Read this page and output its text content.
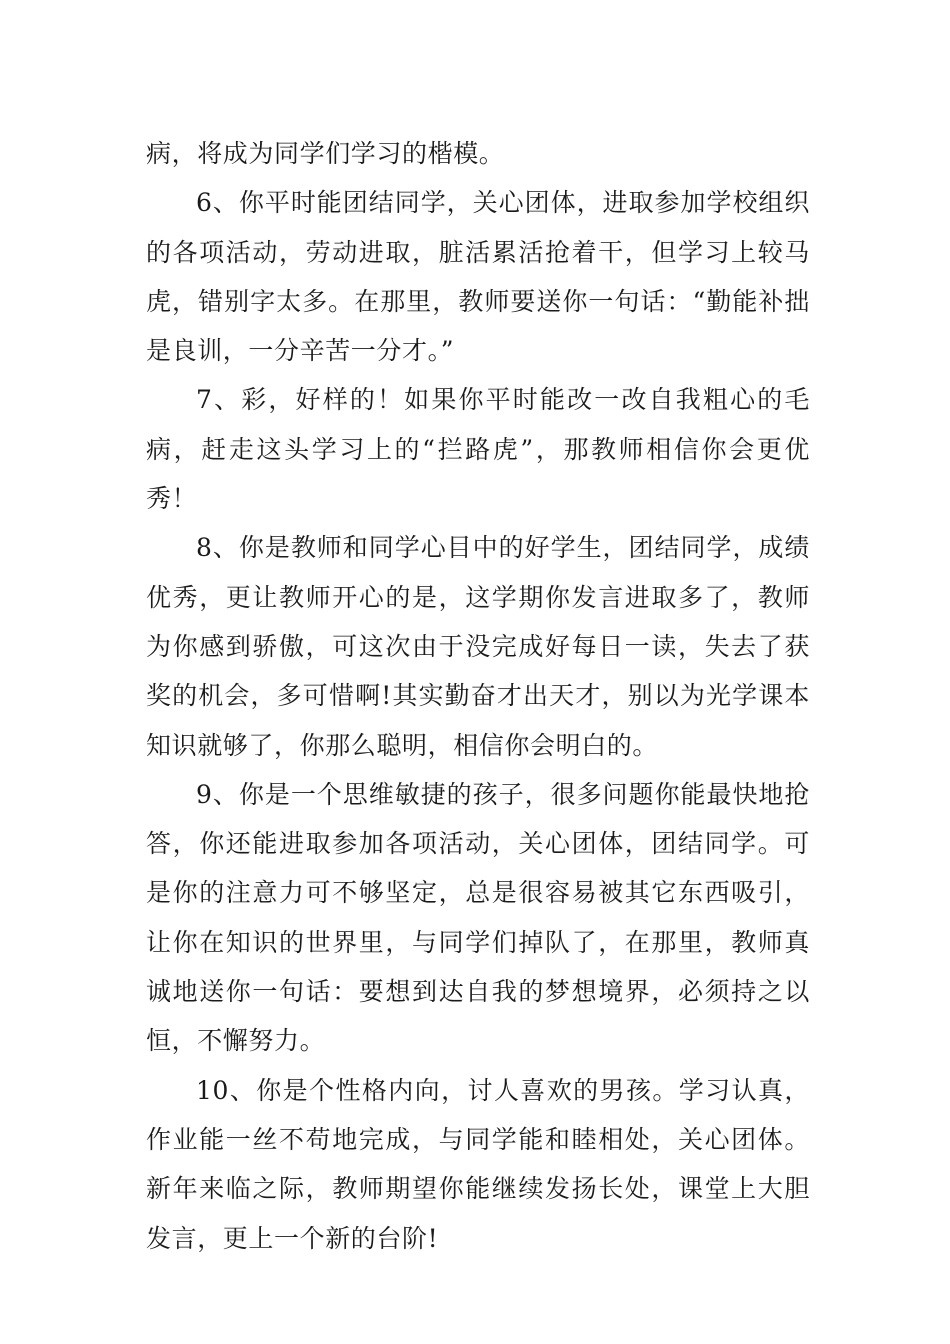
病，将成为同学们学习的楷模。

6、你平时能团结同学，关心团体，进取参加学校组织的各项活动，劳动进取，脏活累活抢着干，但学习上较马虎，错别字太多。在那里，教师要送你一句话：“勤能补拙是良训，一分辛苦一分才。”

7、彩，好样的！如果你平时能改一改自我粗心的毛病，赶走这头学习上的“拦路虎”，那教师相信你会更优秀！

8、你是教师和同学心目中的好学生，团结同学，成绩优秀，更让教师开心的是，这学期你发言进取多了，教师为你感到骄傲，可这次由于没完成好每日一读，失去了获奖的机会，多可惜啊!其实勤奋才出天才，别以为光学课本知识就够了，你那么聪明，相信你会明白的。

9、你是一个思维敏捷的孩子，很多问题你能最快地抢答，你还能进取参加各项活动，关心团体，团结同学。可是你的注意力可不够坚定，总是很容易被其它东西吸引，让你在知识的世界里，与同学们掉队了，在那里，教师真诚地送你一句话：要想到达自我的梦想境界，必须持之以恒，不懈努力。

10、你是个性格内向，讨人喜欢的男孩。学习认真，作业能一丝不苟地完成，与同学能和睦相处，关心团体。新年来临之际，教师期望你能继续发扬长处，课堂上大胆发言，更上一个新的台阶!
